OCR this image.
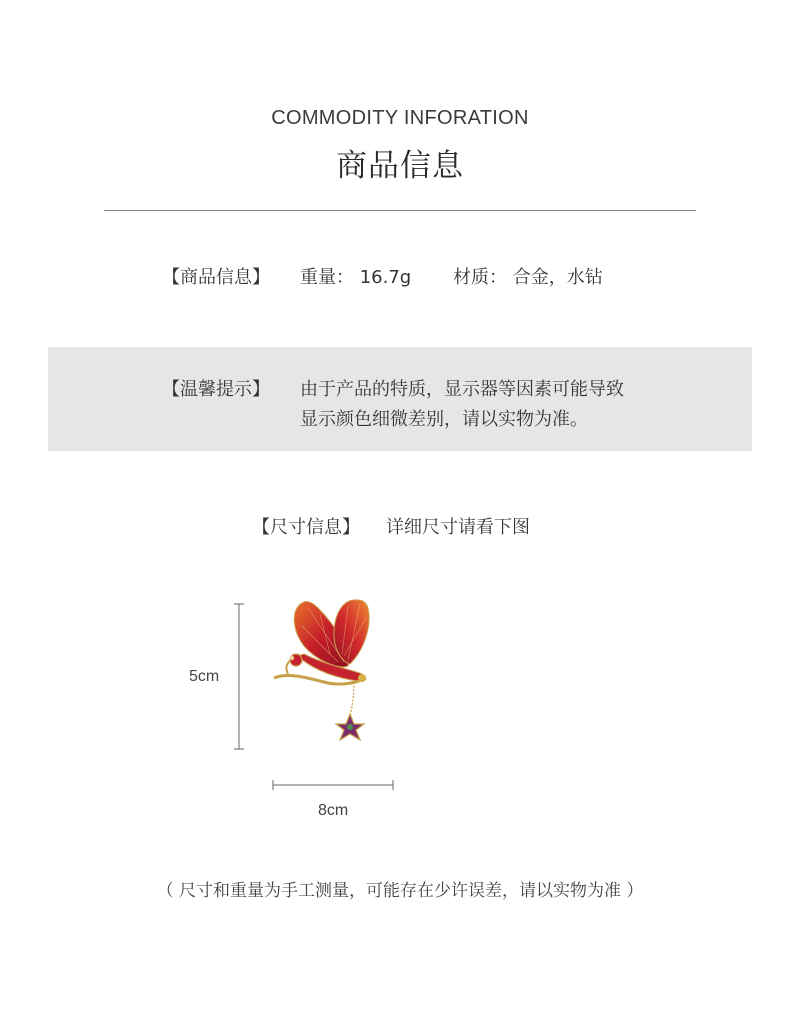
COMMODITY INFORATION
商品信息
【商品信息】 重量： 16.7g 材质： 合金，水钻
【温馨提示】 由于产品的特质，显示器等因素可能导致
显示颜色细微差别，请以实物为准。
【尺寸信息】 详细尺寸请看下图
5cm
8cm
（ 尺寸和重量为手工测量，可能存在少许误差，请以实物为准 ）
